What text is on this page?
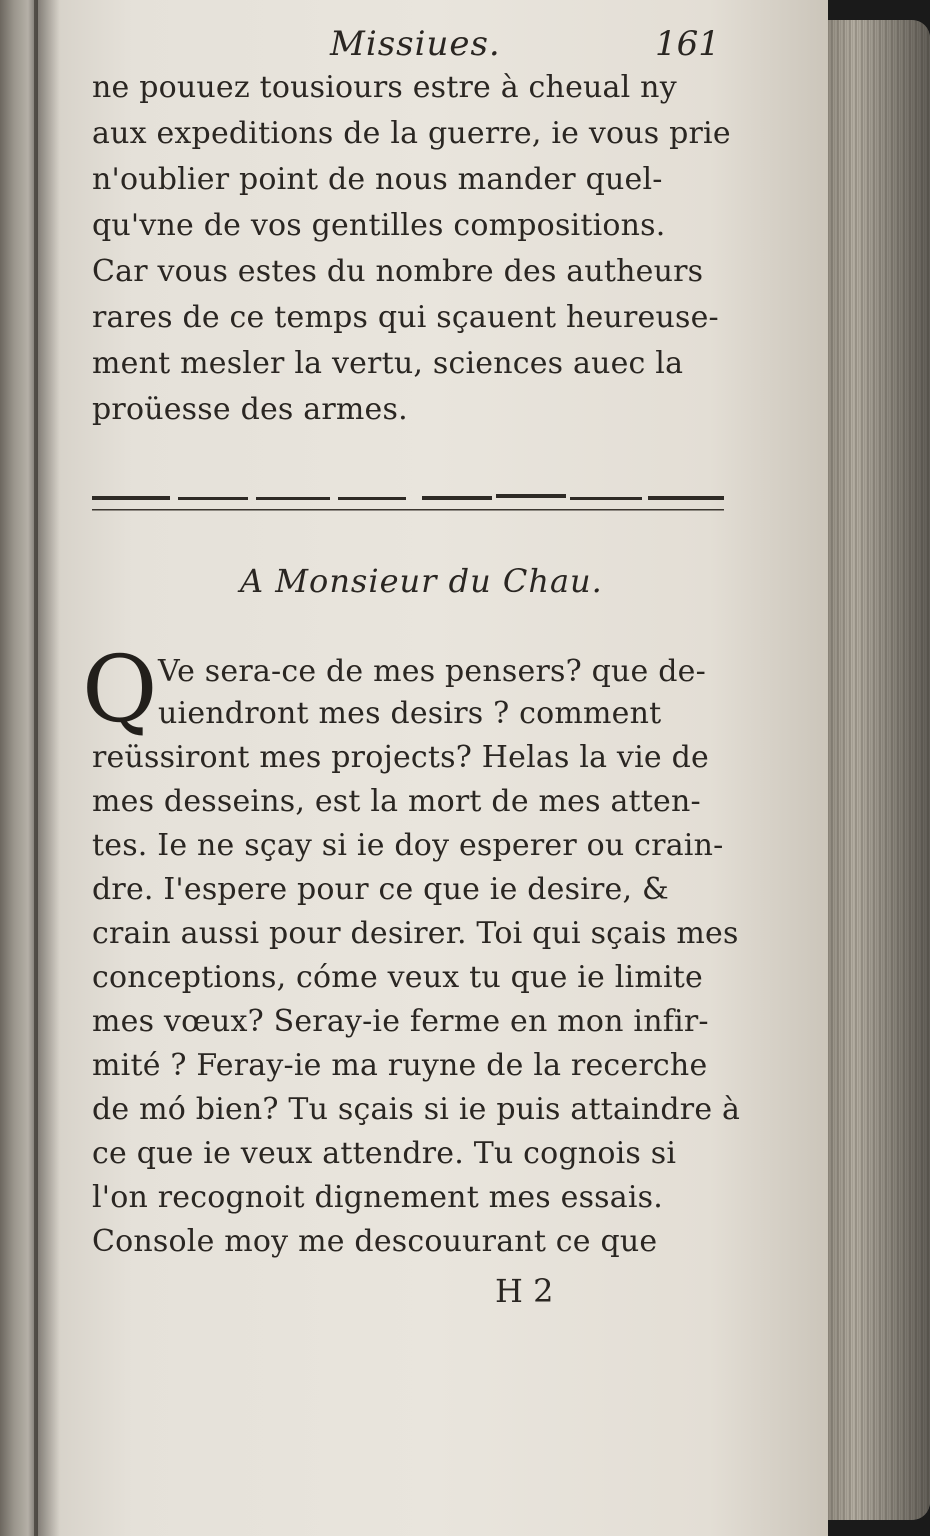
Missiues.	161
ne pouuez tousiours estre à cheual ny
aux expeditions de la guerre, ie vous prie
n'oublier point de nous mander quel-
qu'vne de vos gentilles compositions.
Car vous estes du nombre des autheurs
rares de ce temps qui sçauent heureuse-
ment mesler la vertu, sciences auec la
proüesse des armes.
A Monsieur du Chau.
Q Ve sera-ce de mes pensers? que de-
uiendront mes desirs ? comment
reüssiront mes projects? Helas la vie de
mes desseins, est la mort de mes atten-
tes. Ie ne sçay si ie doy esperer ou crain-
dre. I'espere pour ce que ie desire, &
crain aussi pour desirer. Toi qui sçais mes
conceptions, cóme veux tu que ie limite
mes vœux? Seray-ie ferme en mon infir-
mité ? Feray-ie ma ruyne de la recerche
de mó bien? Tu sçais si ie puis attaindre à
ce que ie veux attendre. Tu cognois si
l'on recognoit dignement mes essais.
Console moy me descouurant ce que
H 2
